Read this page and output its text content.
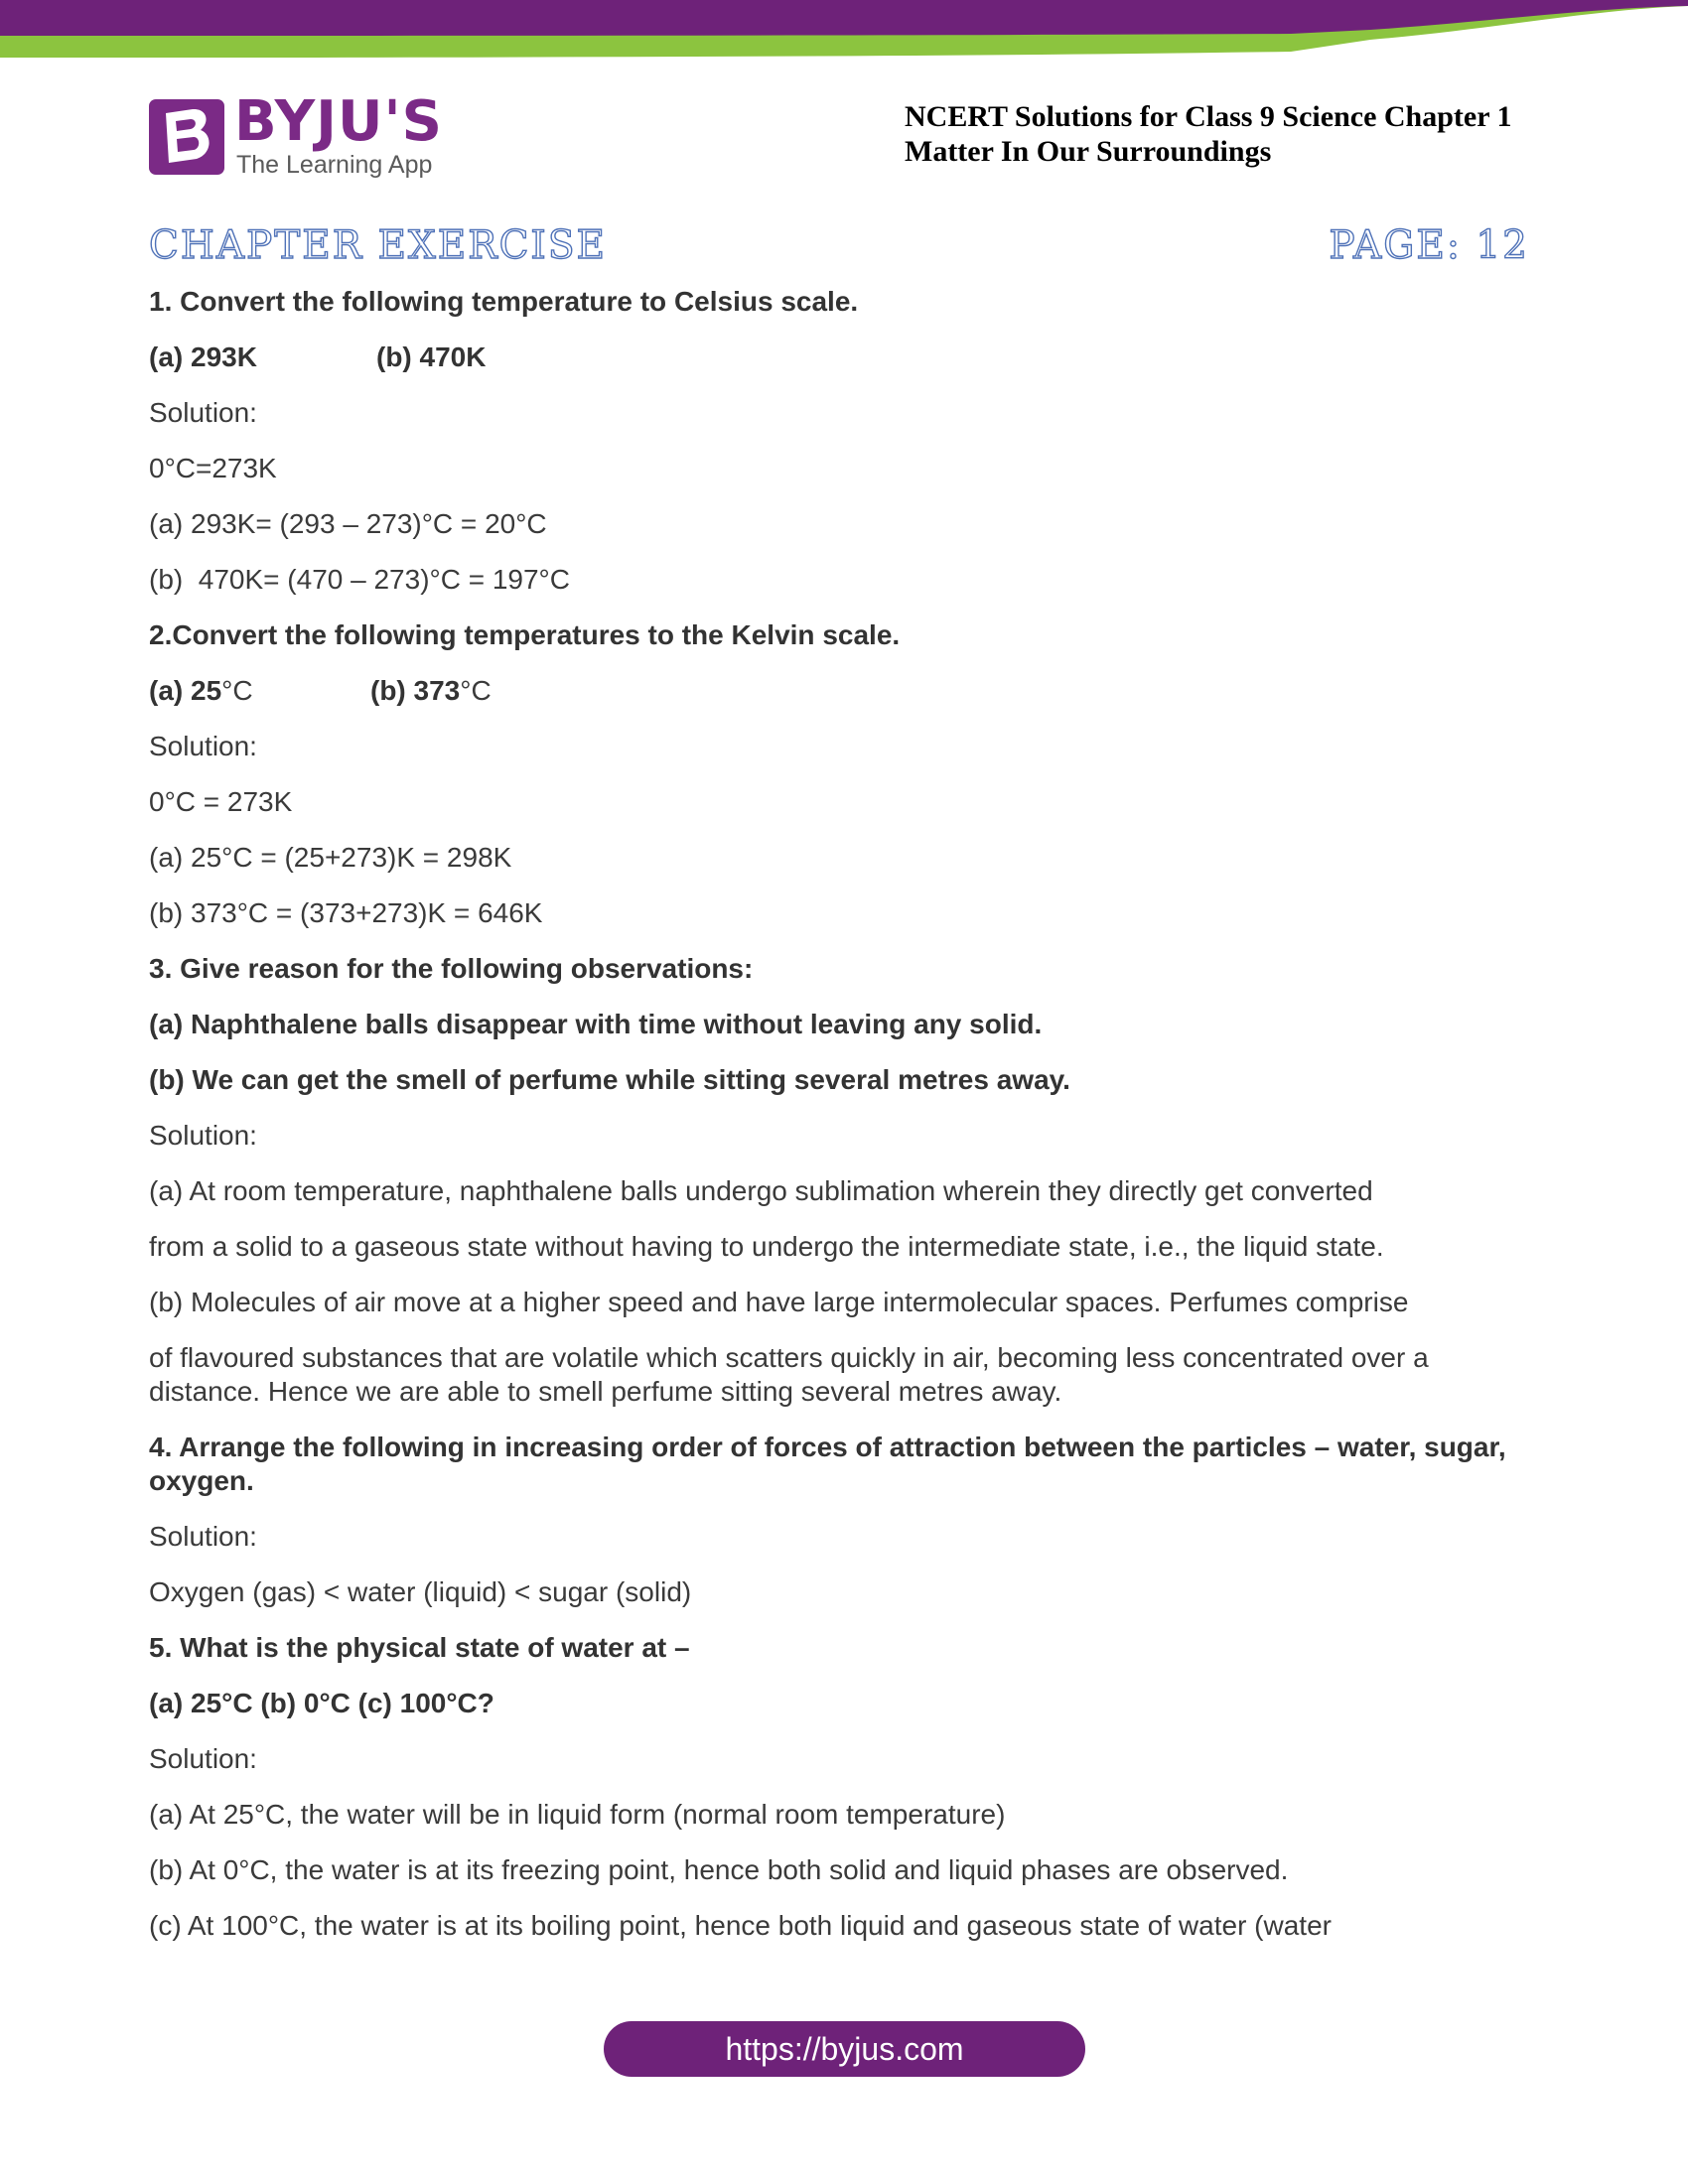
BYJU'S
The Learning App
NCERT Solutions for Class 9 Science Chapter 1
Matter In Our Surroundings
CHAPTER EXERCISE	PAGE: 12
1. Convert the following temperature to Celsius scale.
(a) 293K	(b) 470K
Solution:
0°C=273K
(a) 293K= (293 – 273)°C = 20°C
(b)  470K= (470 – 273)°C = 197°C
2.Convert the following temperatures to the Kelvin scale.
(a) 25°C	(b) 373°C
Solution:
0°C = 273K
(a) 25°C = (25+273)K = 298K
(b) 373°C = (373+273)K = 646K
3. Give reason for the following observations:
(a) Naphthalene balls disappear with time without leaving any solid.
(b) We can get the smell of perfume while sitting several metres away.
Solution:
(a) At room temperature, naphthalene balls undergo sublimation wherein they directly get converted
from a solid to a gaseous state without having to undergo the intermediate state, i.e., the liquid state.
(b) Molecules of air move at a higher speed and have large intermolecular spaces. Perfumes comprise
of flavoured substances that are volatile which scatters quickly in air, becoming less concentrated over a distance. Hence we are able to smell perfume sitting several metres away.
4. Arrange the following in increasing order of forces of attraction between the particles – water, sugar, oxygen.
Solution:
Oxygen (gas) < water (liquid) < sugar (solid)
5. What is the physical state of water at –
(a) 25°C (b) 0°C (c) 100°C?
Solution:
(a) At 25°C, the water will be in liquid form (normal room temperature)
(b) At 0°C, the water is at its freezing point, hence both solid and liquid phases are observed.
(c) At 100°C, the water is at its boiling point, hence both liquid and gaseous state of water (water
https://byjus.com
